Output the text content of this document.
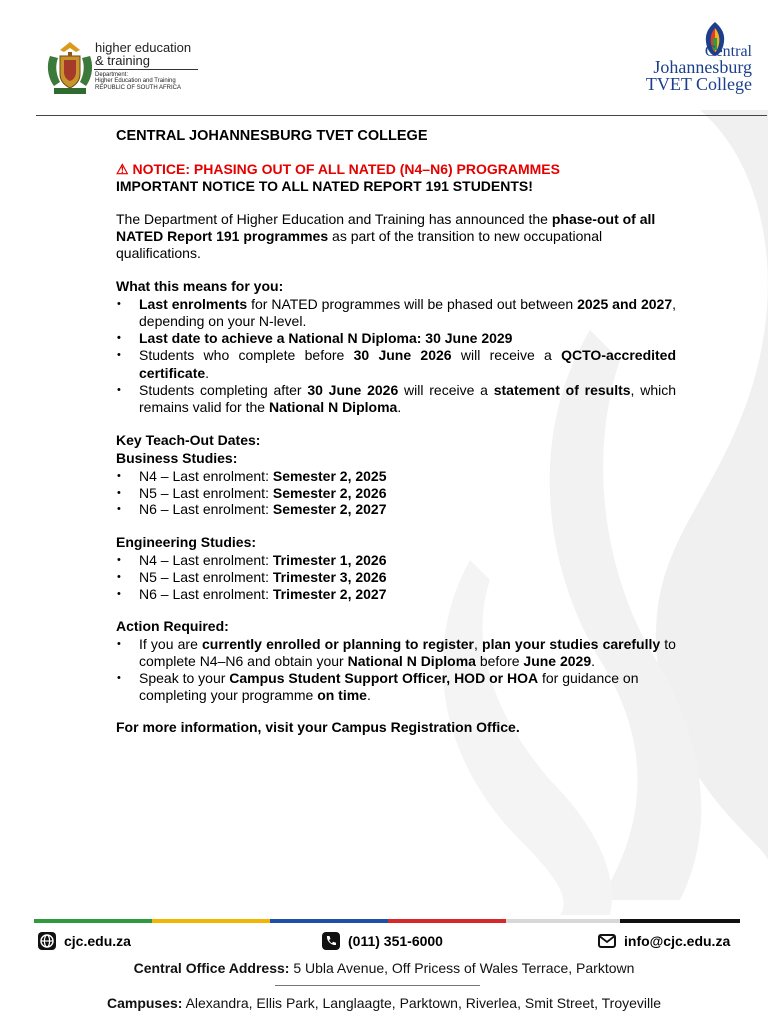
higher education
& training
Department:
Higher Education and Training
REPUBLIC OF SOUTH AFRICA
Central
Johannesburg
TVET College

CENTRAL JOHANNESBURG TVET COLLEGE

⚠ NOTICE: PHASING OUT OF ALL NATED (N4–N6) PROGRAMMES

IMPORTANT NOTICE TO ALL NATED REPORT 191 STUDENTS!

The Department of Higher Education and Training has announced the phase-out of all NATED Report 191 programmes as part of the transition to new occupational qualifications.

What this means for you:

• Last enrolments for NATED programmes will be phased out between 2025 and 2027, depending on your N-level.
• Last date to achieve a National N Diploma: 30 June 2029
• Students who complete before 30 June 2026 will receive a QCTO-accredited certificate.
• Students completing after 30 June 2026 will receive a statement of results, which remains valid for the National N Diploma.

Key Teach-Out Dates:

Business Studies:

• N4 – Last enrolment: Semester 2, 2025
• N5 – Last enrolment: Semester 2, 2026
• N6 – Last enrolment: Semester 2, 2027

Engineering Studies:

• N4 – Last enrolment: Trimester 1, 2026
• N5 – Last enrolment: Trimester 3, 2026
• N6 – Last enrolment: Trimester 2, 2027

Action Required:

• If you are currently enrolled or planning to register, plan your studies carefully to complete N4–N6 and obtain your National N Diploma before June 2029.
• Speak to your Campus Student Support Officer, HOD or HOA for guidance on completing your programme on time.

For more information, visit your Campus Registration Office.

cjc.edu.za	(011) 351-6000	info@cjc.edu.za
Central Office Address: 5 Ubla Avenue, Off Pricess of Wales Terrace, Parktown
Campuses: Alexandra, Ellis Park, Langlaagte, Parktown, Riverlea, Smit Street, Troyeville
